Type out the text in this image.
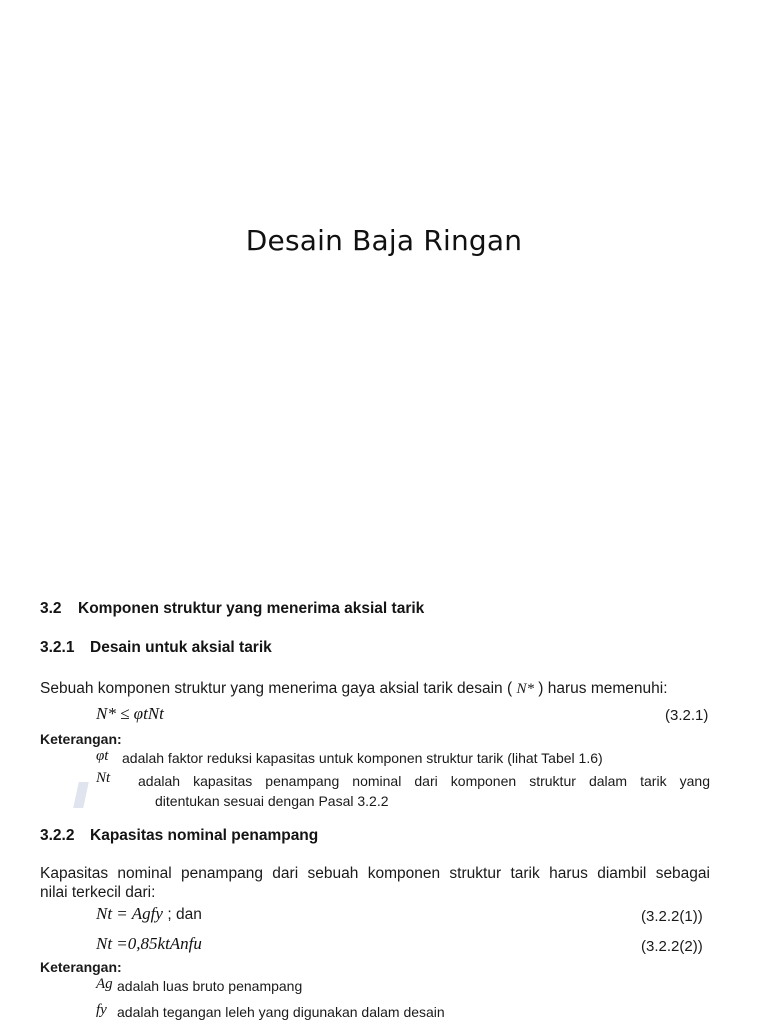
Desain Baja Ringan
3.2 Komponen struktur yang menerima aksial tarik
3.2.1 Desain untuk aksial tarik
Sebuah komponen struktur yang menerima gaya aksial tarik desain ( N* ) harus memenuhi:
N* ≤ φtNt	(3.2.1)
Keterangan:
φt adalah faktor reduksi kapasitas untuk komponen struktur tarik (lihat Tabel 1.6)
Nt adalah kapasitas penampang nominal dari komponen struktur dalam tarik yang
ditentukan sesuai dengan Pasal 3.2.2
3.2.2 Kapasitas nominal penampang
Kapasitas nominal penampang dari sebuah komponen struktur tarik harus diambil sebagai
nilai terkecil dari:
Nt = Agfy ; dan	(3.2.2(1))
Nt =0,85ktAnfu	(3.2.2(2))
Keterangan:
Ag adalah luas bruto penampang
fy adalah tegangan leleh yang digunakan dalam desain
